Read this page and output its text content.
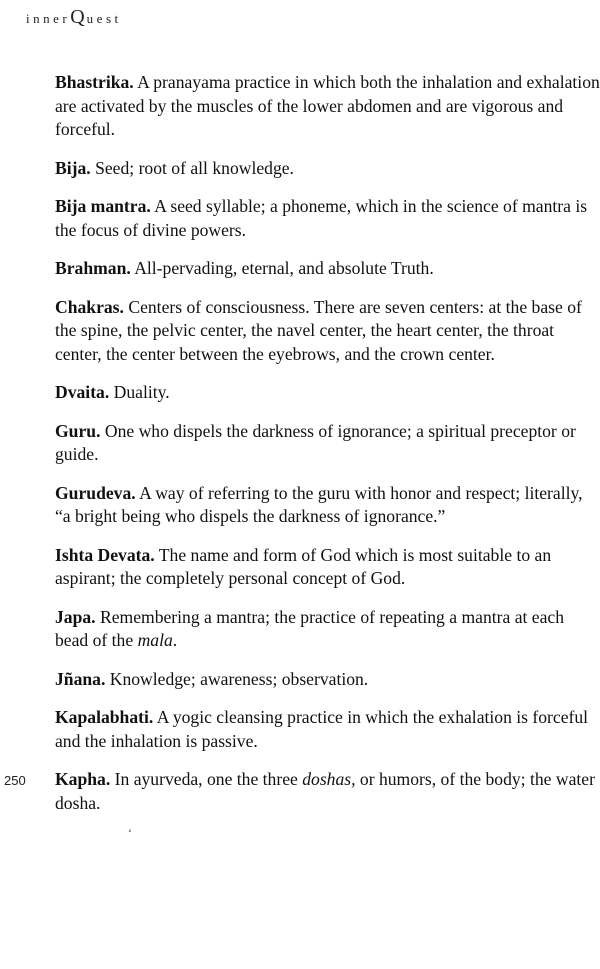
innerQuest
250
‘

Bhastrika. A pranayama practice in which both the inhalation and exhalation are activated by the muscles of the lower abdomen and are vigorous and forceful.

Bija. Seed; root of all knowledge.

Bija mantra. A seed syllable; a phoneme, which in the science of mantra is the focus of divine powers.

Brahman. All-pervading, eternal, and absolute Truth.

Chakras. Centers of consciousness. There are seven centers: at the base of the spine, the pelvic center, the navel center, the heart center, the throat center, the center between the eyebrows, and the crown center.

Dvaita. Duality.

Guru. One who dispels the darkness of ignorance; a spiritual preceptor or guide.

Gurudeva. A way of referring to the guru with honor and respect; literally, “a bright being who dispels the darkness of ignorance.”

Ishta Devata. The name and form of God which is most suitable to an aspirant; the completely personal concept of God.

Japa. Remembering a mantra; the practice of repeating a mantra at each bead of the mala.

Jñana. Knowledge; awareness; observation.

Kapalabhati. A yogic cleansing practice in which the exhalation is forceful and the inhalation is passive.

Kapha. In ayurveda, one the three doshas, or humors, of the body; the water dosha.
